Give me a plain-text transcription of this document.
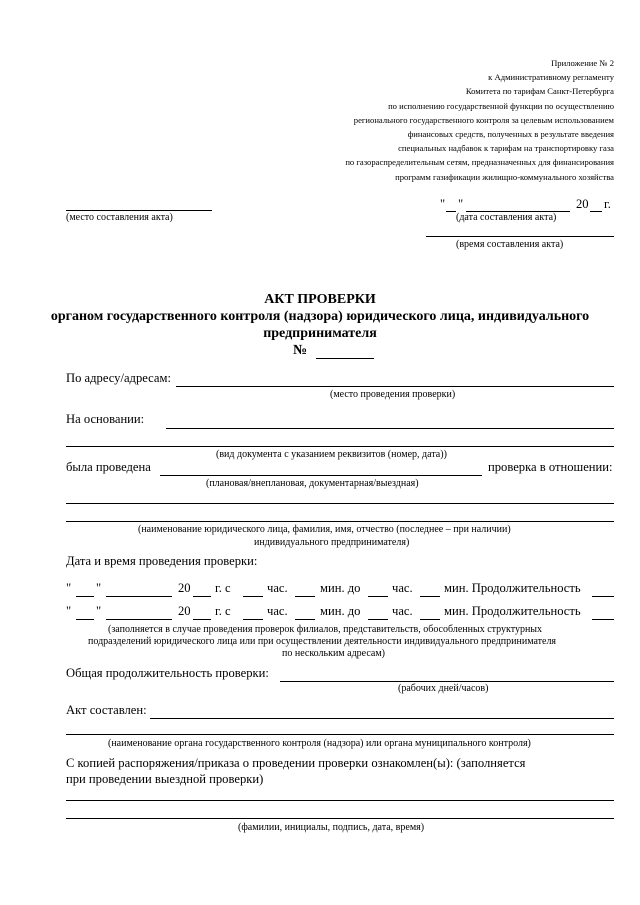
Приложение № 2
к Административному регламенту
Комитета по тарифам Санкт-Петербурга
по исполнению государственной функции по осуществлению
регионального государственного контроля за целевым использованием
финансовых средств, полученных в результате введения
специальных надбавок к тарифам на транспортировку газа
по газораспределительным сетям, предназначенных для финансирования
программ газификации жилищно-коммунального хозяйства
(место составления акта)
" "	20 г.
(дата составления акта)
(время составления акта)
АКТ ПРОВЕРКИ
органом государственного контроля (надзора) юридического лица, индивидуального
предпринимателя
№
По адресу/адресам:
(место проведения проверки)
На основании:
(вид документа с указанием реквизитов (номер, дата))
была проведена	проверка в отношении:
(плановая/внеплановая, документарная/выездная)
(наименование юридического лица, фамилия, имя, отчество (последнее – при наличии)
индивидуального предпринимателя)
Дата и время проведения проверки:
" "	20 г. с	час.	мин. до	час. мин. Продолжительность
" "	20 г. с	час.	мин. до	час. мин. Продолжительность
(заполняется в случае проведения проверок филиалов, представительств, обособленных структурных
подразделений юридического лица или при осуществлении деятельности индивидуального предпринимателя
по нескольким адресам)
Общая продолжительность проверки:
(рабочих дней/часов)
Акт составлен:
(наименование органа государственного контроля (надзора) или органа муниципального контроля)
С копией распоряжения/приказа о проведении проверки ознакомлен(ы): (заполняется
при проведении выездной проверки)
(фамилии, инициалы, подпись, дата, время)
